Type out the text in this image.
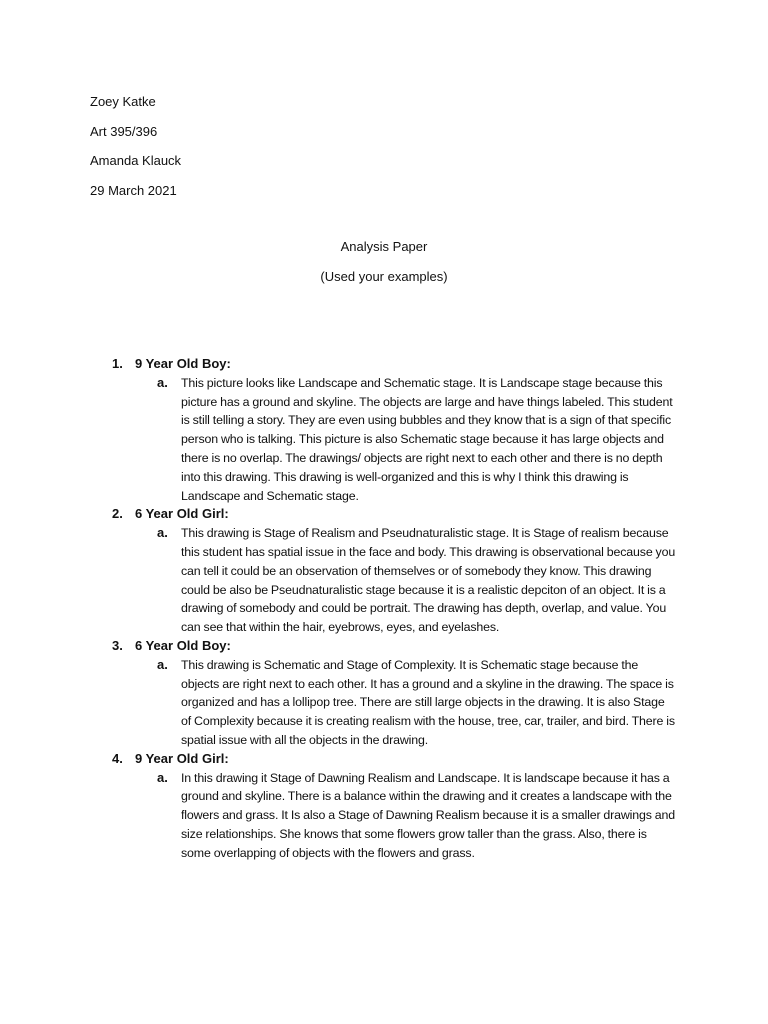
Zoey Katke
Art 395/396
Amanda Klauck
29 March 2021
Analysis Paper
(Used your examples)
1. 9 Year Old Boy:
a. This picture looks like Landscape and Schematic stage. It is Landscape stage because this picture has a ground and skyline. The objects are large and have things labeled. This student is still telling a story. They are even using bubbles and they know that is a sign of that specific person who is talking. This picture is also Schematic stage because it has large objects and there is no overlap. The drawings/ objects are right next to each other and there is no depth into this drawing. This drawing is well-organized and this is why I think this drawing is Landscape and Schematic stage.
2. 6 Year Old Girl:
a. This drawing is Stage of Realism and Pseudnaturalistic stage. It is Stage of realism because this student has spatial issue in the face and body. This drawing is observational because you can tell it could be an observation of themselves or of somebody they know. This drawing could be also be Pseudnaturalistic stage because it is a realistic depciton of an object. It is a drawing of somebody and could be portrait. The drawing has depth, overlap, and value. You can see that within the hair, eyebrows, eyes, and eyelashes.
3. 6 Year Old Boy:
a. This drawing is Schematic and Stage of Complexity. It is Schematic stage because the objects are right next to each other. It has a ground and a skyline in the drawing. The space is organized and has a lollipop tree. There are still large objects in the drawing. It is also Stage of Complexity because it is creating realism with the house, tree, car, trailer, and bird. There is spatial issue with all the objects in the drawing.
4. 9 Year Old Girl:
a. In this drawing it Stage of Dawning Realism and Landscape. It is landscape because it has a ground and skyline. There is a balance within the drawing and it creates a landscape with the flowers and grass. It Is also a Stage of Dawning Realism because it is a smaller drawings and size relationships. She knows that some flowers grow taller than the grass. Also, there is some overlapping of objects with the flowers and grass.
